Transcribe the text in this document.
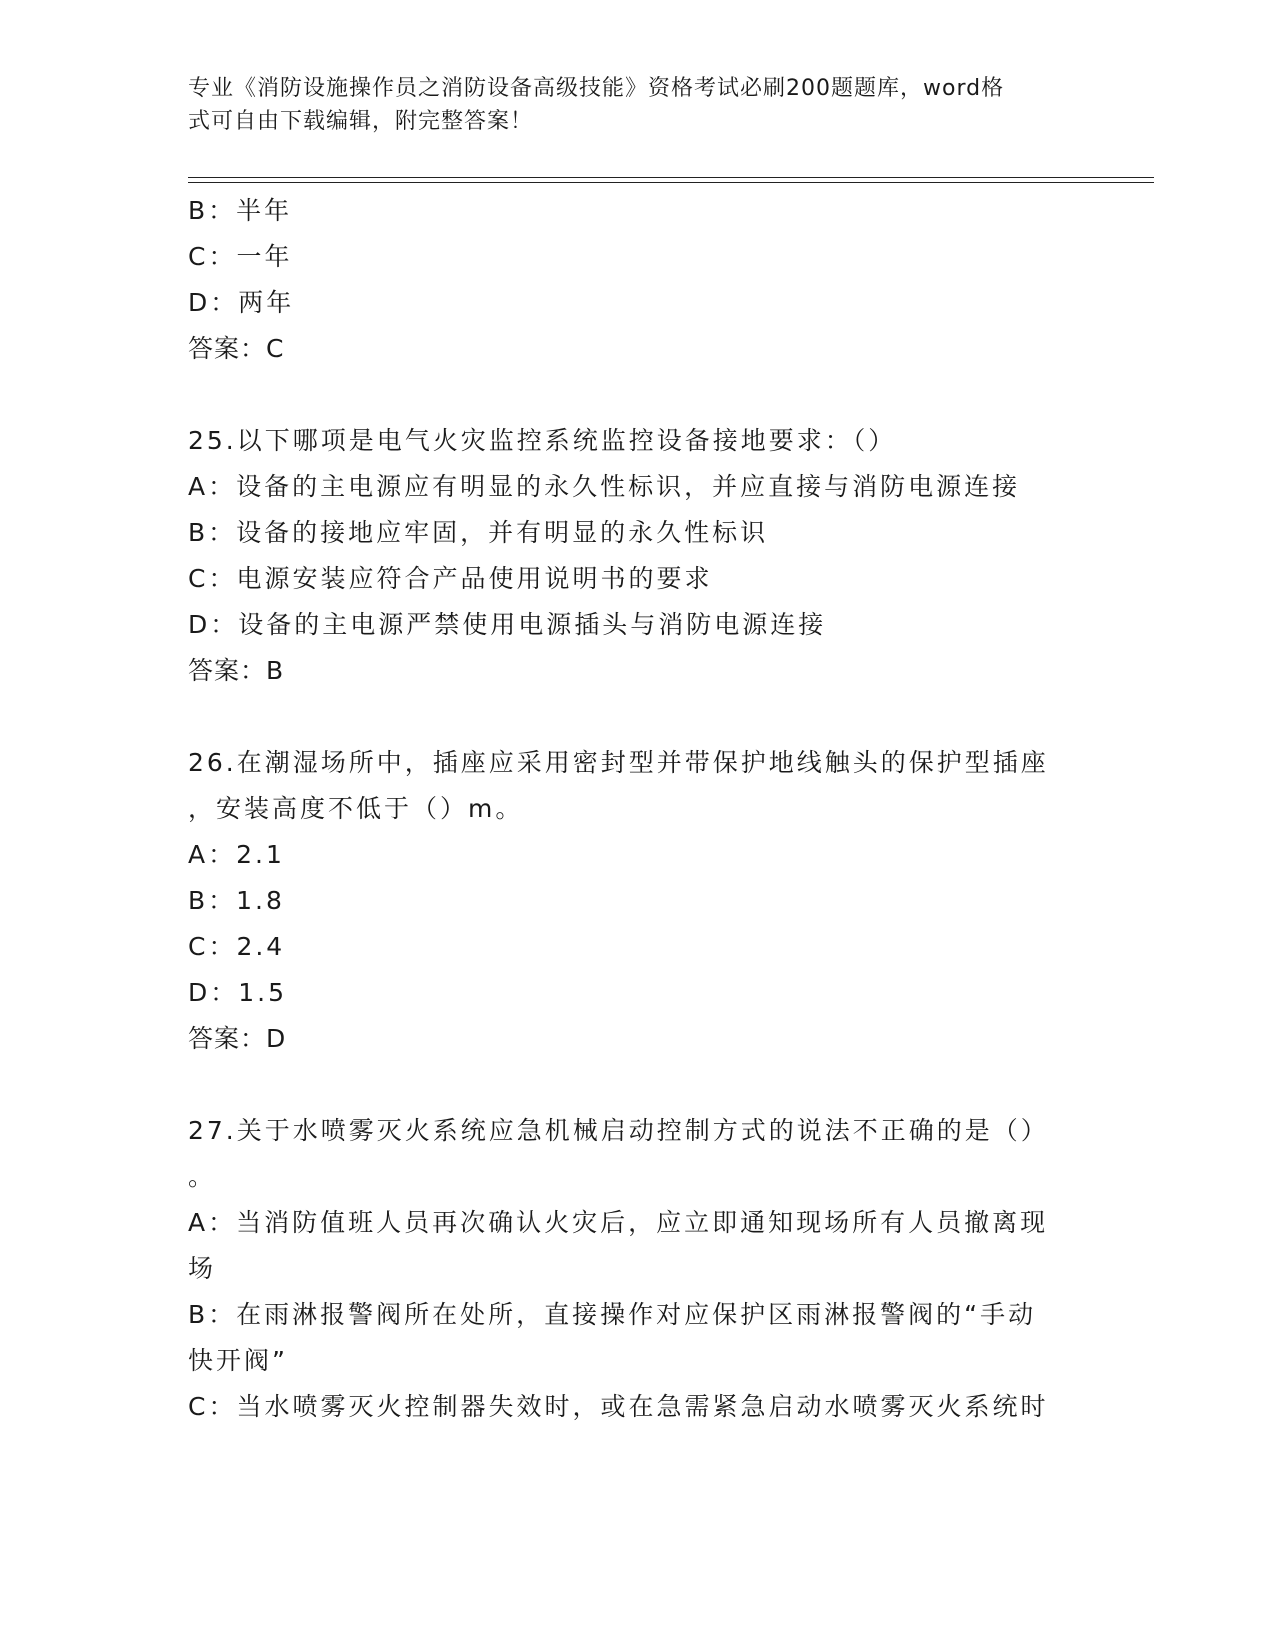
专业《消防设施操作员之消防设备高级技能》资格考试必刷200题题库，word格
式可自由下载编辑，附完整答案！
B：半年
C：一年
D：两年
答案：C
25.以下哪项是电气火灾监控系统监控设备接地要求：（）
A：设备的主电源应有明显的永久性标识，并应直接与消防电源连接
B：设备的接地应牢固，并有明显的永久性标识
C：电源安装应符合产品使用说明书的要求
D：设备的主电源严禁使用电源插头与消防电源连接
答案：B
26.在潮湿场所中，插座应采用密封型并带保护地线触头的保护型插座
，安装高度不低于（）m。
A：2.1
B：1.8
C：2.4
D：1.5
答案：D
27.关于水喷雾灭火系统应急机械启动控制方式的说法不正确的是（）
。
A：当消防值班人员再次确认火灾后，应立即通知现场所有人员撤离现
场
B：在雨淋报警阀所在处所，直接操作对应保护区雨淋报警阀的“手动
快开阀”
C：当水喷雾灭火控制器失效时，或在急需紧急启动水喷雾灭火系统时
